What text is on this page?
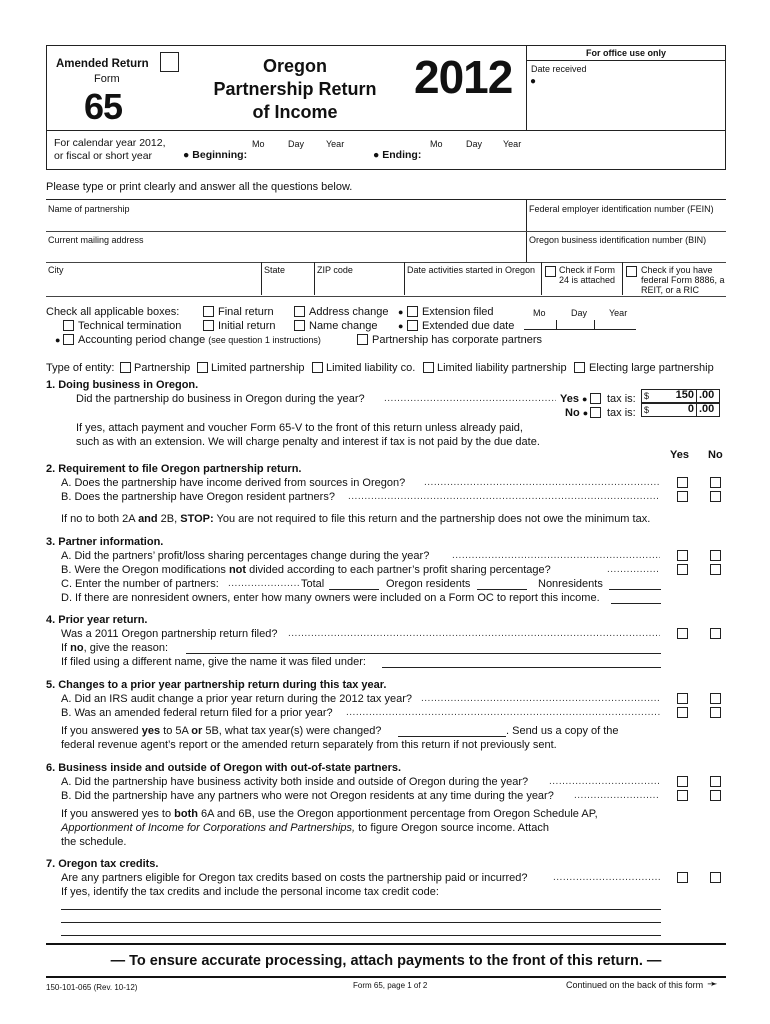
Amended Return
Form
65
Oregon
Partnership Return
of Income
2012	For office use only
Date received
●
For calendar year 2012,
or fiscal or short year
Mo	Day Year
● Beginning:
Mo	Day Year
● Ending:
Please type or print clearly and answer all the questions below.
Name of partnership	Federal employer identification number (FEIN)
Current mailing address	Oregon business identification number (BIN)
City	State	ZIP code	Date activities started in Oregon	Check if Form 24 is attached
Check if you have federal Form 8886, a REIT, or a RIC
Check all applicable boxes:	Final return	Address change ● Extension filed	Mo	Day Year
Technical termination	Initial return	Name change ● Extended due date
● Accounting period change (see question 1 instructions)	Partnership has corporate partners
Type of entity: Partnership Limited partnership Limited liability co. Limited liability partnership Electing large partnership
1. Doing business in Oregon.
Did the partnership do business in Oregon during the year? .....	Yes ● tax is: $	150 .00
No ● tax is: $	0 .00
If yes, attach payment and voucher Form 65-V to the front of this return unless already paid,
such as with an extension. We will charge penalty and interest if tax is not paid by the due date.
Yes No
2. Requirement to file Oregon partnership return.
A. Does the partnership have income derived from sources in Oregon?
.....
B. Does the partnership have Oregon resident partners?
.....
If no to both 2A and 2B, STOP: You are not required to file this return and the partnership does not owe the minimum tax.
3. Partner information.
A. Did the partners’ profit/loss sharing percentages change during the year?
.....
B. Were the Oregon modifications not divided according to each partner’s profit sharing percentage?
.....
C. Enter the number of partners: .....	Total	Oregon residents	Nonresidents
D. If there are nonresident owners, enter how many owners were included on a Form OC to report this income.
4. Prior year return.
Was a 2011 Oregon partnership return filed?
.....
If no, give the reason:
If filed using a different name, give the name it was filed under:
5. Changes to a prior year partnership return during this tax year.
A. Did an IRS audit change a prior year return during the 2012 tax year?
.....
B. Was an amended federal return filed for a prior year?
.....
If you answered yes to 5A or 5B, what tax year(s) were changed?	. Send us a copy of the
federal revenue agent’s report or the amended return separately from this return if not previously sent.
6. Business inside and outside of Oregon with out-of-state partners.
A. Did the partnership have business activity both inside and outside of Oregon during the year?
.....
B. Did the partnership have any partners who were not Oregon residents at any time during the year?
.....
If you answered yes to both 6A and 6B, use the Oregon apportionment percentage from Oregon Schedule AP,
Apportionment of Income for Corporations and Partnerships, to figure Oregon source income. Attach
the schedule.
7. Oregon tax credits.
Are any partners eligible for Oregon tax credits based on costs the partnership paid or incurred?
.....
If yes, identify the tax credits and include the personal income tax credit code:
— To ensure accurate processing, attach payments to the front of this return. —
150-101-065 (Rev. 10-12)	Form 65, page 1 of 2	Continued on the back of this form ➛
